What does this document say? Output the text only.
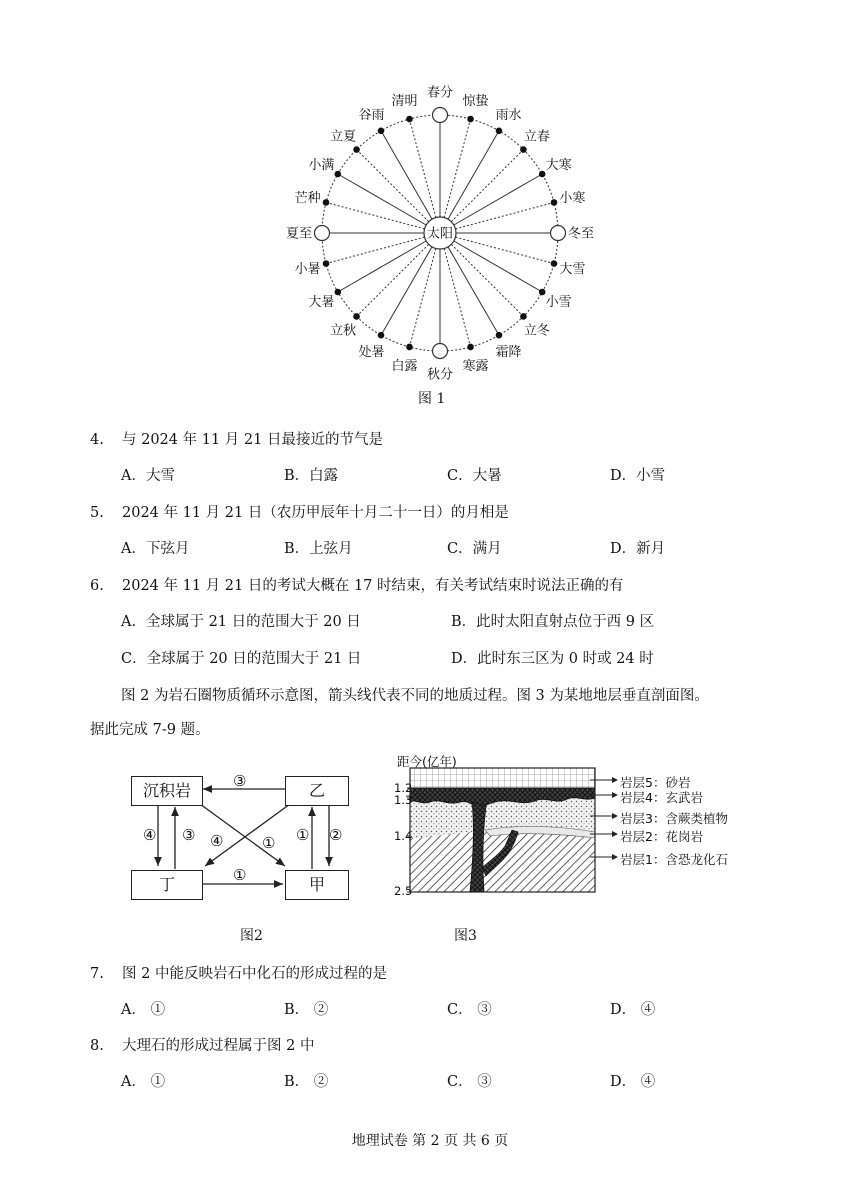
春分
惊蛰
雨水
立春
大寒
小寒
冬至
大雪
小雪
立冬
霜降
寒露
秋分
白露
处暑
立秋
大暑
小暑
夏至
芒种
小满
立夏
谷雨
清明
太阳
图 1
4. 与 2024 年 11 月 21 日最接近的节气是
A．大雪	B．白露	C．大暑	D．小雪
5. 2024 年 11 月 21 日（农历甲辰年十月二十一日）的月相是
A．下弦月	B．上弦月	C．满月	D．新月
6. 2024 年 11 月 21 日的考试大概在 17 时结束，有关考试结束时说法正确的有
A．全球属于 21 日的范围大于 20 日	B．此时太阳直射点位于西 9 区
C．全球属于 20 日的范围大于 21 日	D．此时东三区为 0 时或 24 时
图 2 为岩石圈物质循环示意图，箭头线代表不同的地质过程。图 3 为某地地层垂直剖面图。
据此完成 7-9 题。
沉积岩	乙
丁	甲
③
④ ③	① ②
④	①
①
图2
距今(亿年)
1.2
1.3
1.4
2.5
岩层5：砂岩
岩层4：玄武岩
岩层3：含蕨类植物
岩层2：花岗岩
岩层1：含恐龙化石
图3
7. 图 2 中能反映岩石中化石的形成过程的是
A． ①	B． ②	C． ③	D． ④
8. 大理石的形成过程属于图 2 中
A． ①	B． ②	C． ③	D． ④
地理试卷 第 2 页 共 6 页
